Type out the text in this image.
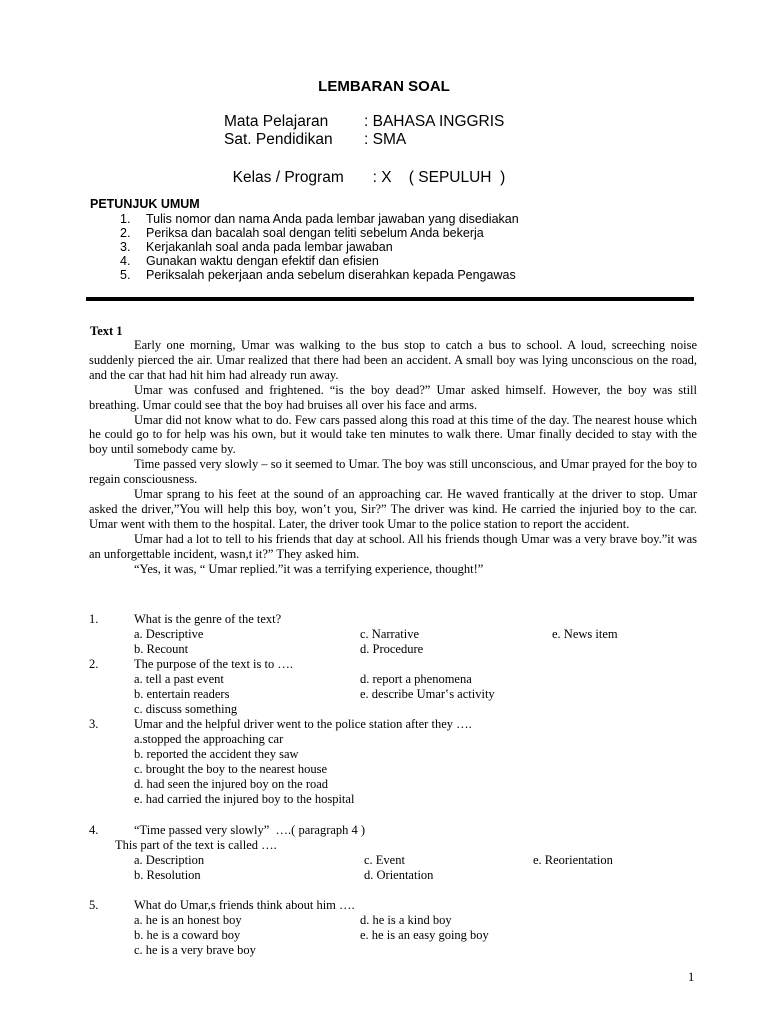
LEMBARAN SOAL
Mata Pelajaran : BAHASA INGGRIS
Sat. Pendidikan : SMA

Kelas / Program : X    ( SEPULUH  )

PETUNJUK UMUM
1. Tulis nomor dan nama Anda pada lembar jawaban yang disediakan
2. Periksa dan bacalah soal dengan teliti sebelum Anda bekerja
3. Kerjakanlah soal anda pada lembar jawaban
4. Gunakan waktu dengan efektif dan efisien
5. Periksalah pekerjaan anda sebelum diserahkan kepada Pengawas
Text 1

Early one morning, Umar was walking to the bus stop to catch a bus to school. A loud, screeching noise suddenly pierced the air. Umar realized that there had been an accident. A small boy was lying unconscious on the road, and the car that had hit him had already run away.

Umar was confused and frightened. “is the boy dead?” Umar asked himself. However, the boy was still breathing. Umar could see that the boy had bruises all over his face and arms.

Umar did not know what to do. Few cars passed along this road at this time of the day. The nearest house which he could go to for help was his own, but it would take ten minutes to walk there. Umar finally decided to stay with the boy until somebody came by.

Time passed very slowly – so it seemed to Umar. The boy was still unconscious, and Umar prayed for the boy to regain consciousness.

Umar sprang to his feet at the sound of an approaching car. He waved frantically at the driver to stop. Umar asked the driver,”You will help this boy, won‛t you, Sir?” The driver was kind. He carried the injuried boy to the car. Umar went with them to the hospital. Later, the driver took Umar to the police station to report the accident.

Umar had a lot to tell to his friends that day at school. All his friends though Umar was a very brave boy.”it was an unforgettable incident, wasn,t it?” They asked him.

“Yes, it was, “ Umar replied.”it was a terrifying experience, thought!”

1.	What is the genre of the text?
a. Descriptive	c. Narrative	e. News item
b. Recount	d. Procedure
2.	The purpose of the text is to ….
a. tell a past event	d. report a phenomena
b. entertain readers	e. describe Umar‛s activity
c. discuss something
3.	Umar and the helpful driver went to the police station after they ….
a.stopped the approaching car
b. reported the accident they saw
c. brought the boy to the nearest house
d. had seen the injured boy on the road
e. had carried the injured boy to the hospital
4.	“Time passed very slowly”  ….( paragraph 4 )
This part of the text is called ….
a. Description	c. Event	e. Reorientation
b. Resolution	d. Orientation
5.	What do Umar,s friends think about him ….
a. he is an honest boy	d. he is a kind boy
b. he is a coward boy	e. he is an easy going boy
c. he is a very brave boy
1
